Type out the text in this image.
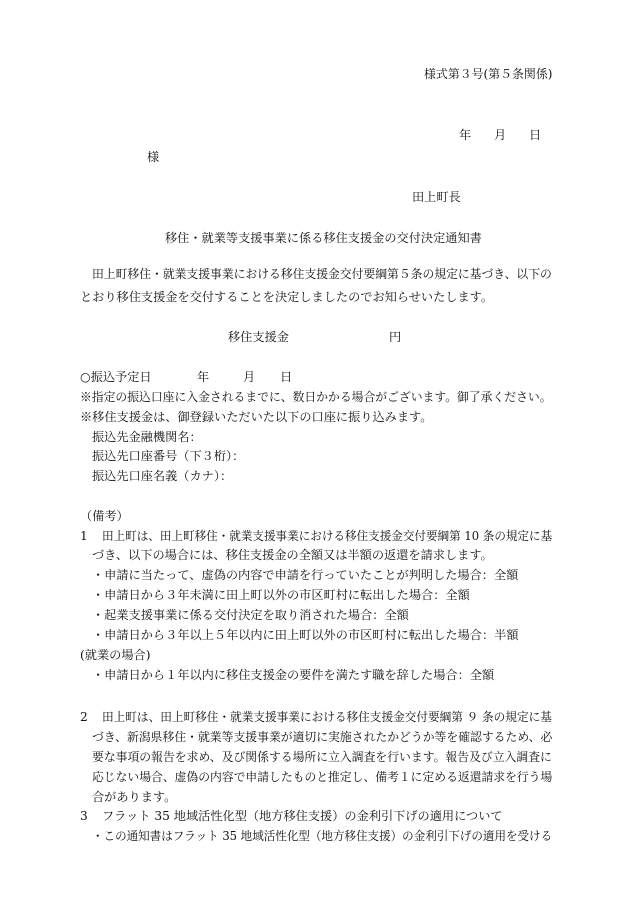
様式第３号(第５条関係)
年 月 日
様
田上町長
移住・就業等支援事業に係る移住支援金の交付決定通知書
田上町移住・就業支援事業における移住支援金交付要綱第５条の規定に基づき、以下の
とおり移住支援金を交付することを決定しましたのでお知らせいたします。
移住支援金	円
○振込予定日	年	月 日
※指定の振込口座に入金されるまでに、数日かかる場合がございます。御了承ください。
※移住支援金は、御登録いただいた以下の口座に振り込みます。
振込先金融機関名：
振込先口座番号（下３桁）：
振込先口座名義（カナ）：
（備考）
1 田上町は、田上町移住・就業支援事業における移住支援金交付要綱第 10 条の規定に基
づき、以下の場合には、移住支援金の全額又は半額の返還を請求します。
・申請に当たって、虚偽の内容で申請を行っていたことが判明した場合：全額
・申請日から３年未満に田上町以外の市区町村に転出した場合：全額
・起業支援事業に係る交付決定を取り消された場合：全額
・申請日から３年以上５年以内に田上町以外の市区町村に転出した場合：半額
(就業の場合)
・申請日から１年以内に移住支援金の要件を満たす職を辞した場合：全額
2 田上町は、田上町移住・就業支援事業における移住支援金交付要綱第 ９ 条の規定に基
づき、新潟県移住・就業等支援事業が適切に実施されたかどうか等を確認するため、必
要な事項の報告を求め、及び関係する場所に立入調査を行います。報告及び立入調査に
応じない場合、虚偽の内容で申請したものと推定し、備考１に定める返還請求を行う場
合があります。
3 フラット 35 地域活性化型（地方移住支援）の金利引下げの適用について
・この通知書はフラット 35 地域活性化型（地方移住支援）の金利引下げの適用を受ける
